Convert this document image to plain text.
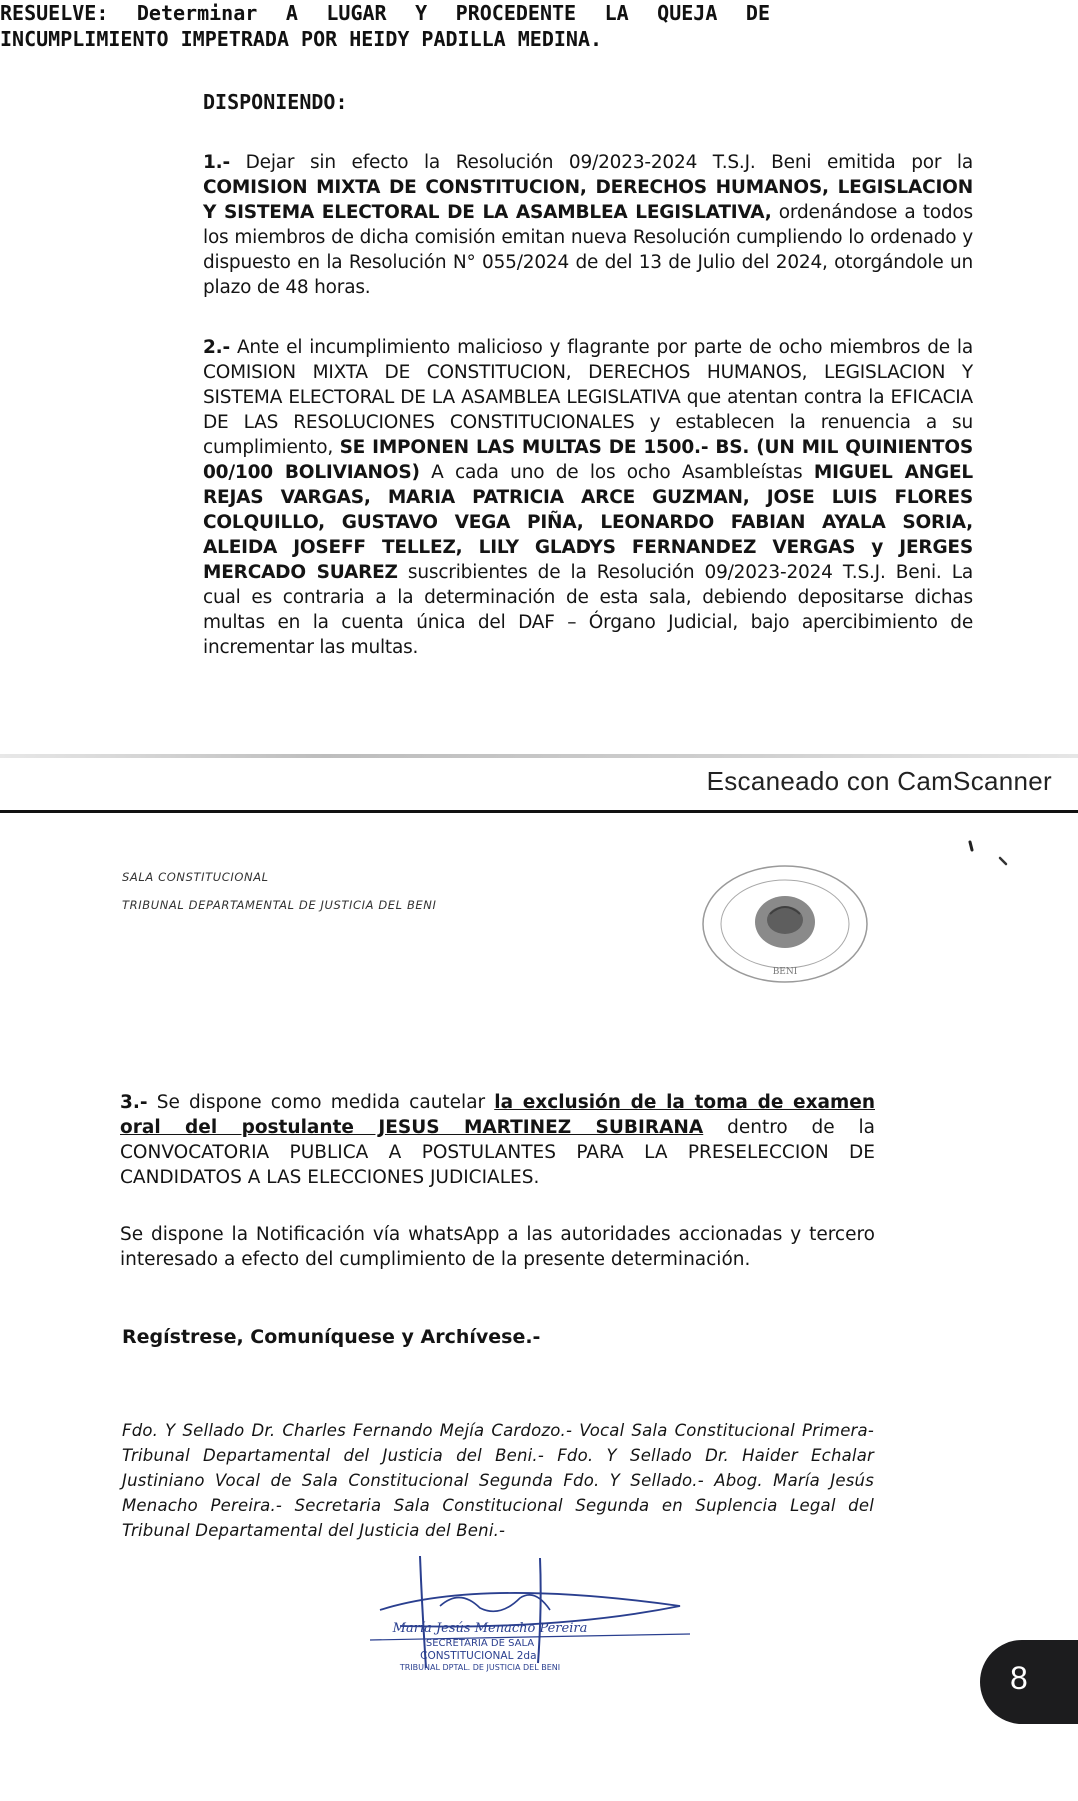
RESUELVE: Determinar A LUGAR Y PROCEDENTE LA QUEJA DE INCUMPLIMIENTO IMPETRADA POR HEIDY PADILLA MEDINA.
DISPONIENDO:

1.- Dejar sin efecto la Resolución 09/2023-2024 T.S.J. Beni emitida por la COMISION MIXTA DE CONSTITUCION, DERECHOS HUMANOS, LEGISLACION Y SISTEMA ELECTORAL DE LA ASAMBLEA LEGISLATIVA, ordenándose a todos los miembros de dicha comisión emitan nueva Resolución cumpliendo lo ordenado y dispuesto en la Resolución N° 055/2024 de del 13 de Julio del 2024, otorgándole un plazo de 48 horas.

2.- Ante el incumplimiento malicioso y flagrante por parte de ocho miembros de la COMISION MIXTA DE CONSTITUCION, DERECHOS HUMANOS, LEGISLACION Y SISTEMA ELECTORAL DE LA ASAMBLEA LEGISLATIVA que atentan contra la EFICACIA DE LAS RESOLUCIONES CONSTITUCIONALES y establecen la renuencia a su cumplimiento, SE IMPONEN LAS MULTAS DE 1500.- BS. (UN MIL QUINIENTOS 00/100 BOLIVIANOS) A cada uno de los ocho Asambleístas MIGUEL ANGEL REJAS VARGAS, MARIA PATRICIA ARCE GUZMAN, JOSE LUIS FLORES COLQUILLO, GUSTAVO VEGA PIÑA, LEONARDO FABIAN AYALA SORIA, ALEIDA JOSEFF TELLEZ, LILY GLADYS FERNANDEZ VERGAS y JERGES MERCADO SUAREZ suscribientes de la Resolución 09/2023-2024 T.S.J. Beni. La cual es contraria a la determinación de esta sala, debiendo depositarse dichas multas en la cuenta única del DAF – Órgano Judicial, bajo apercibimiento de incrementar las multas.

Escaneado con CamScanner
SALA CONSTITUCIONAL
TRIBUNAL DEPARTAMENTAL DE JUSTICIA DEL BENI
BENI

3.- Se dispone como medida cautelar la exclusión de la toma de examen oral del postulante JESUS MARTINEZ SUBIRANA dentro de la CONVOCATORIA PUBLICA A POSTULANTES PARA LA PRESELECCION DE CANDIDATOS A LAS ELECCIONES JUDICIALES.

Se dispone la Notificación vía whatsApp a las autoridades accionadas y tercero interesado a efecto del cumplimiento de la presente determinación.

Regístrese, Comuníquese y Archívese.-

Fdo. Y Sellado Dr. Charles Fernando Mejía Cardozo.- Vocal Sala Constitucional Primera-Tribunal Departamental del Justicia del Beni.- Fdo. Y Sellado Dr. Haider Echalar Justiniano Vocal de Sala Constitucional Segunda Fdo. Y Sellado.- Abog. María Jesús Menacho Pereira.- Secretaria Sala Constitucional Segunda en Suplencia Legal del Tribunal Departamental del Justicia del Beni.-

María Jesús Menacho Pereira
SECRETARIA DE SALA
CONSTITUCIONAL 2da.
TRIBUNAL DPTAL. DE JUSTICIA DEL BENI	8
